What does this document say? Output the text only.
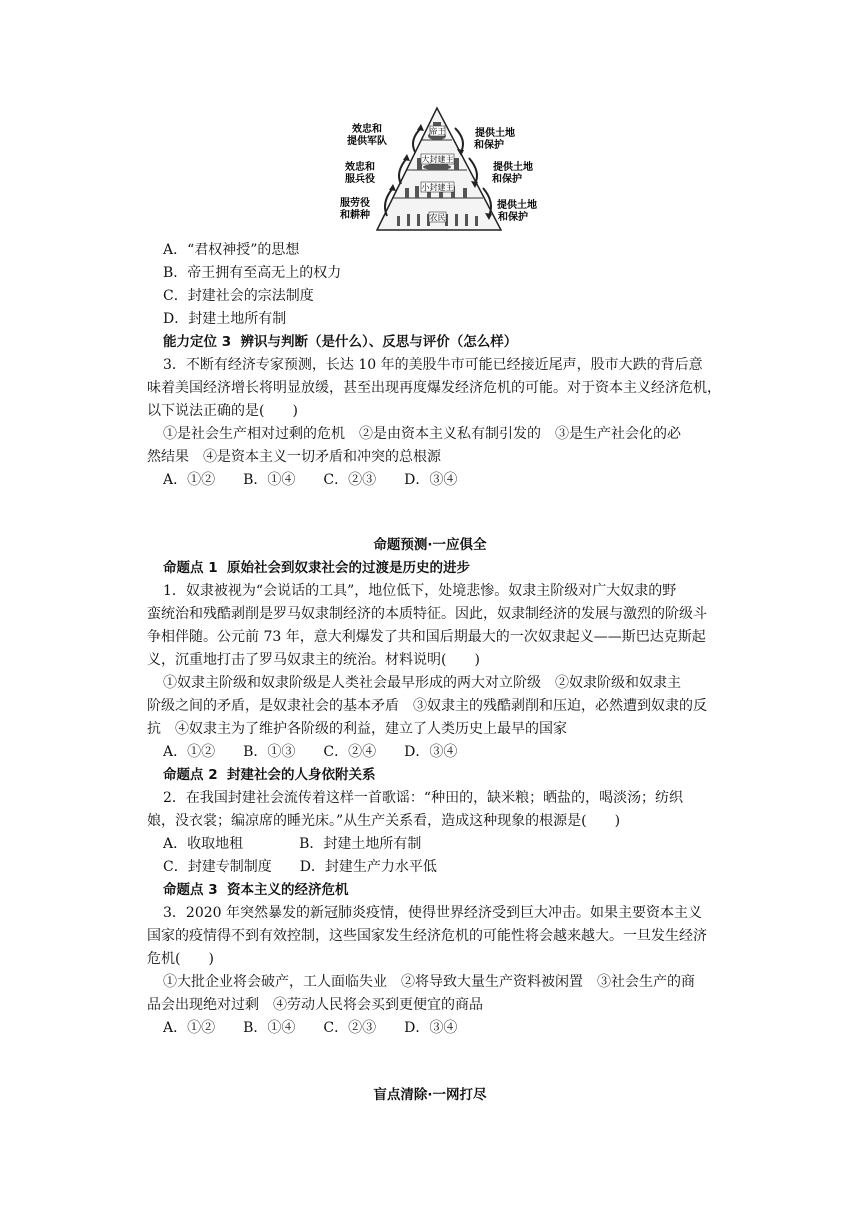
帝王
大封建主
小封建主
农民
效忠和
提供军队
效忠和
服兵役
服劳役
和耕种
提供土地
和保护
提供土地
和保护
提供土地
和保护
A．“君权神授”的思想
B．帝王拥有至高无上的权力
C．封建社会的宗法制度
D．封建土地所有制
能力定位 3  辨识与判断（是什么）、反思与评价（怎么样）
3．不断有经济专家预测，长达 10 年的美股牛市可能已经接近尾声，股市大跌的背后意
味着美国经济增长将明显放缓，甚至出现再度爆发经济危机的可能。对于资本主义经济危机，
以下说法正确的是(　　)
①是社会生产相对过剩的危机　②是由资本主义私有制引发的　③是生产社会化的必
然结果　④是资本主义一切矛盾和冲突的总根源
A．①②　　B．①④　　C．②③　　D．③④
命题预测·一应俱全
命题点 1  原始社会到奴隶社会的过渡是历史的进步
1．奴隶被视为“会说话的工具”，地位低下，处境悲惨。奴隶主阶级对广大奴隶的野
蛮统治和残酷剥削是罗马奴隶制经济的本质特征。因此，奴隶制经济的发展与激烈的阶级斗
争相伴随。公元前 73 年，意大利爆发了共和国后期最大的一次奴隶起义——斯巴达克斯起
义，沉重地打击了罗马奴隶主的统治。材料说明(　　)
①奴隶主阶级和奴隶阶级是人类社会最早形成的两大对立阶级　②奴隶阶级和奴隶主
阶级之间的矛盾，是奴隶社会的基本矛盾　③奴隶主的残酷剥削和压迫，必然遭到奴隶的反
抗　④奴隶主为了维护各阶级的利益，建立了人类历史上最早的国家
A．①②　　B．①③　　C．②④　　D．③④
命题点 2  封建社会的人身依附关系
2．在我国封建社会流传着这样一首歌谣：“种田的，缺米粮；晒盐的，喝淡汤；纺织
娘，没衣裳；编凉席的睡光床。”从生产关系看，造成这种现象的根源是(　　)
A．收取地租　　　　B．封建土地所有制
C．封建专制制度　　D．封建生产力水平低
命题点 3  资本主义的经济危机
3．2020 年突然暴发的新冠肺炎疫情，使得世界经济受到巨大冲击。如果主要资本主义
国家的疫情得不到有效控制，这些国家发生经济危机的可能性将会越来越大。一旦发生经济
危机(　　)
①大批企业将会破产，工人面临失业　②将导致大量生产资料被闲置　③社会生产的商
品会出现绝对过剩　④劳动人民将会买到更便宜的商品
A．①②　　B．①④　　C．②③　　D．③④
盲点清除·一网打尽
